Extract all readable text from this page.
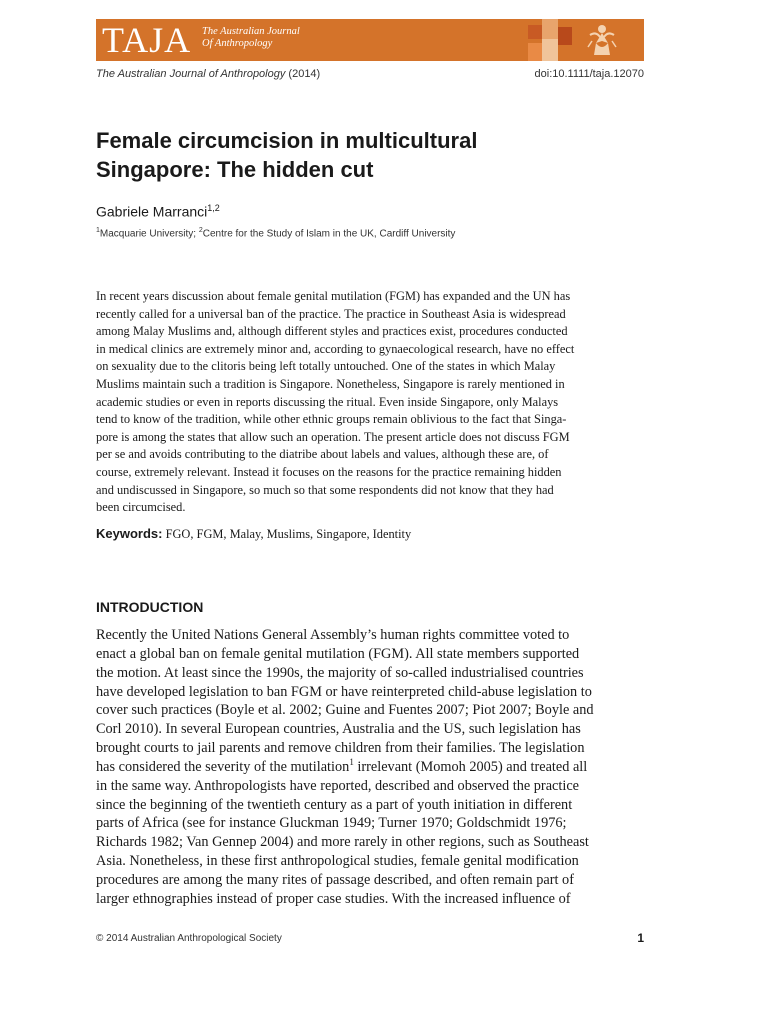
TAJA The Australian Journal
Of Anthropology
The Australian Journal of Anthropology (2014)	doi:10.1111/taja.12070
Female circumcision in multicultural
Singapore: The hidden cut
Gabriele Marranci$^{1,2}$
$^1$Macquarie University; $^2$Centre for the Study of Islam in the UK, Cardiff University

In recent years discussion about female genital mutilation (FGM) has expanded and the UN has
recently called for a universal ban of the practice. The practice in Southeast Asia is widespread
among Malay Muslims and, although different styles and practices exist, procedures conducted
in medical clinics are extremely minor and, according to gynaecological research, have no effect
on sexuality due to the clitoris being left totally untouched. One of the states in which Malay
Muslims maintain such a tradition is Singapore. Nonetheless, Singapore is rarely mentioned in
academic studies or even in reports discussing the ritual. Even inside Singapore, only Malays
tend to know of the tradition, while other ethnic groups remain oblivious to the fact that Singa-
pore is among the states that allow such an operation. The present article does not discuss FGM
per se and avoids contributing to the diatribe about labels and values, although these are, of
course, extremely relevant. Instead it focuses on the reasons for the practice remaining hidden
and undiscussed in Singapore, so much so that some respondents did not know that they had
been circumcised.

Keywords: FGO, FGM, Malay, Muslims, Singapore, Identity
INTRODUCTION

Recently the United Nations General Assembly’s human rights committee voted to
enact a global ban on female genital mutilation (FGM). All state members supported
the motion. At least since the 1990s, the majority of so-called industrialised countries
have developed legislation to ban FGM or have reinterpreted child-abuse legislation to
cover such practices (Boyle et al. 2002; Guine and Fuentes 2007; Piot 2007; Boyle and
Corl 2010). In several European countries, Australia and the US, such legislation has
brought courts to jail parents and remove children from their families. The legislation
has considered the severity of the mutilation$^1$ irrelevant (Momoh 2005) and treated all
in the same way. Anthropologists have reported, described and observed the practice
since the beginning of the twentieth century as a part of youth initiation in different
parts of Africa (see for instance Gluckman 1949; Turner 1970; Goldschmidt 1976;
Richards 1982; Van Gennep 2004) and more rarely in other regions, such as Southeast
Asia. Nonetheless, in these first anthropological studies, female genital modification
procedures are among the many rites of passage described, and often remain part of
larger ethnographies instead of proper case studies. With the increased influence of

© 2014 Australian Anthropological Society	1
